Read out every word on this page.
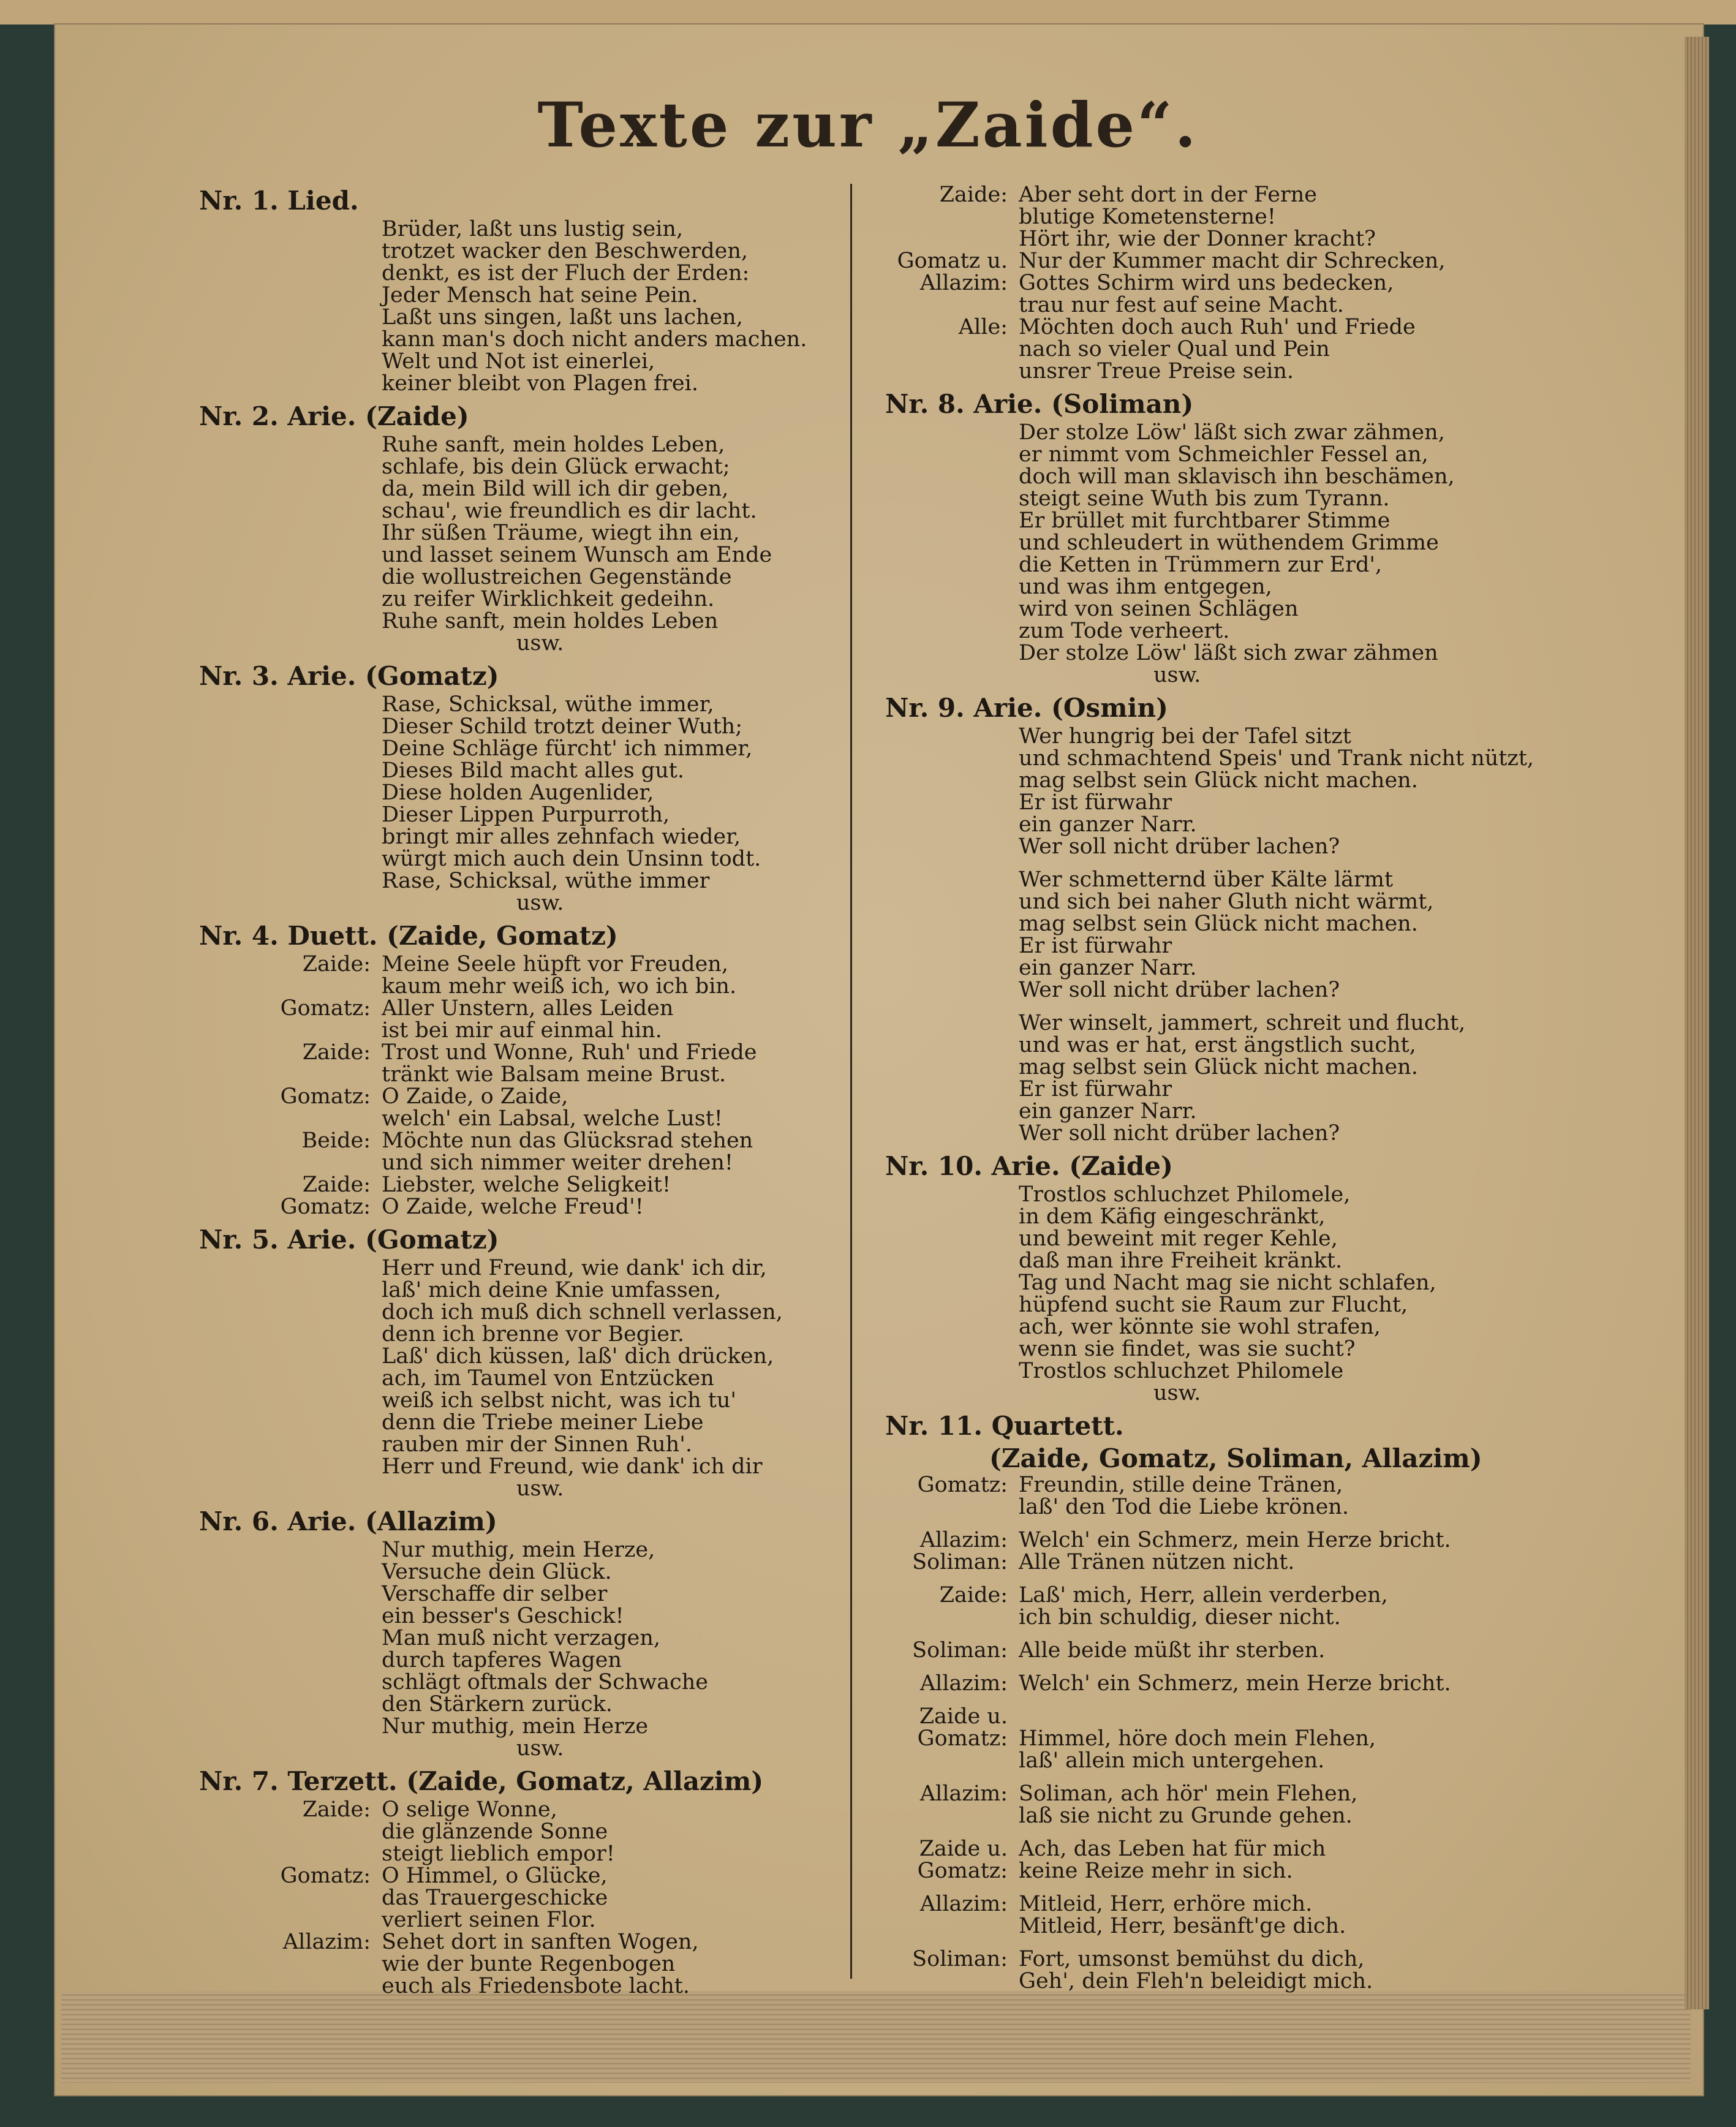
Texte zur „Zaide“.
Nr. 1. Lied.
Brüder, laßt uns lustig sein,
trotzet wacker den Beschwerden,
denkt, es ist der Fluch der Erden:
Jeder Mensch hat seine Pein.
Laßt uns singen, laßt uns lachen,
kann man's doch nicht anders machen.
Welt und Not ist einerlei,
keiner bleibt von Plagen frei.
Nr. 2. Arie. (Zaide)
Ruhe sanft, mein holdes Leben,
schlafe, bis dein Glück erwacht;
da, mein Bild will ich dir geben,
schau', wie freundlich es dir lacht.
Ihr süßen Träume, wiegt ihn ein,
und lasset seinem Wunsch am Ende
die wollustreichen Gegenstände
zu reifer Wirklichkeit gedeihn.
Ruhe sanft, mein holdes Leben
usw.
Nr. 3. Arie. (Gomatz)
Rase, Schicksal, wüthe immer,
Dieser Schild trotzt deiner Wuth;
Deine Schläge fürcht' ich nimmer,
Dieses Bild macht alles gut.
Diese holden Augenlider,
Dieser Lippen Purpurroth,
bringt mir alles zehnfach wieder,
würgt mich auch dein Unsinn todt.
Rase, Schicksal, wüthe immer
usw.
Nr. 4. Duett. (Zaide, Gomatz)
Zaide: Meine Seele hüpft vor Freuden,
kaum mehr weiß ich, wo ich bin.
Gomatz: Aller Unstern, alles Leiden
ist bei mir auf einmal hin.
Zaide: Trost und Wonne, Ruh' und Friede
tränkt wie Balsam meine Brust.
Gomatz: O Zaide, o Zaide,
welch' ein Labsal, welche Lust!
Beide: Möchte nun das Glücksrad stehen
und sich nimmer weiter drehen!
Zaide: Liebster, welche Seligkeit!
Gomatz: O Zaide, welche Freud'!
Nr. 5. Arie. (Gomatz)
Herr und Freund, wie dank' ich dir,
laß' mich deine Knie umfassen,
doch ich muß dich schnell verlassen,
denn ich brenne vor Begier.
Laß' dich küssen, laß' dich drücken,
ach, im Taumel von Entzücken
weiß ich selbst nicht, was ich tu'
denn die Triebe meiner Liebe
rauben mir der Sinnen Ruh'.
Herr und Freund, wie dank' ich dir
usw.
Nr. 6. Arie. (Allazim)
Nur muthig, mein Herze,
Versuche dein Glück.
Verschaffe dir selber
ein besser's Geschick!
Man muß nicht verzagen,
durch tapferes Wagen
schlägt oftmals der Schwache
den Stärkern zurück.
Nur muthig, mein Herze
usw.
Nr. 7. Terzett. (Zaide, Gomatz, Allazim)
Zaide: O selige Wonne,
die glänzende Sonne
steigt lieblich empor!
Gomatz: O Himmel, o Glücke,
das Trauergeschicke
verliert seinen Flor.
Allazim: Sehet dort in sanften Wogen,
wie der bunte Regenbogen
euch als Friedensbote lacht.
Zaide: Aber seht dort in der Ferne
blutige Kometensterne!
Hört ihr, wie der Donner kracht?
Gomatz u. Nur der Kummer macht dir Schrecken,
Allazim: Gottes Schirm wird uns bedecken,
trau nur fest auf seine Macht.
Alle: Möchten doch auch Ruh' und Friede
nach so vieler Qual und Pein
unsrer Treue Preise sein.
Nr. 8. Arie. (Soliman)
Der stolze Löw' läßt sich zwar zähmen,
er nimmt vom Schmeichler Fessel an,
doch will man sklavisch ihn beschämen,
steigt seine Wuth bis zum Tyrann.
Er brüllet mit furchtbarer Stimme
und schleudert in wüthendem Grimme
die Ketten in Trümmern zur Erd',
und was ihm entgegen,
wird von seinen Schlägen
zum Tode verheert.
Der stolze Löw' läßt sich zwar zähmen
usw.
Nr. 9. Arie. (Osmin)
Wer hungrig bei der Tafel sitzt
und schmachtend Speis' und Trank nicht nützt,
mag selbst sein Glück nicht machen.
Er ist fürwahr
ein ganzer Narr.
Wer soll nicht drüber lachen?
Wer schmetternd über Kälte lärmt
und sich bei naher Gluth nicht wärmt,
mag selbst sein Glück nicht machen.
Er ist fürwahr
ein ganzer Narr.
Wer soll nicht drüber lachen?
Wer winselt, jammert, schreit und flucht,
und was er hat, erst ängstlich sucht,
mag selbst sein Glück nicht machen.
Er ist fürwahr
ein ganzer Narr.
Wer soll nicht drüber lachen?
Nr. 10. Arie. (Zaide)
Trostlos schluchzet Philomele,
in dem Käfig eingeschränkt,
und beweint mit reger Kehle,
daß man ihre Freiheit kränkt.
Tag und Nacht mag sie nicht schlafen,
hüpfend sucht sie Raum zur Flucht,
ach, wer könnte sie wohl strafen,
wenn sie findet, was sie sucht?
Trostlos schluchzet Philomele
usw.
Nr. 11. Quartett.
(Zaide, Gomatz, Soliman, Allazim)
Gomatz: Freundin, stille deine Tränen,
laß' den Tod die Liebe krönen.
Allazim: Welch' ein Schmerz, mein Herze bricht.
Soliman: Alle Tränen nützen nicht.
Zaide: Laß' mich, Herr, allein verderben,
ich bin schuldig, dieser nicht.
Soliman: Alle beide müßt ihr sterben.
Allazim: Welch' ein Schmerz, mein Herze bricht.
Zaide u.
Gomatz: Himmel, höre doch mein Flehen,
laß' allein mich untergehen.
Allazim: Soliman, ach hör' mein Flehen,
laß sie nicht zu Grunde gehen.
Zaide u. Ach, das Leben hat für mich
Gomatz: keine Reize mehr in sich.
Allazim: Mitleid, Herr, erhöre mich.
Mitleid, Herr, besänft'ge dich.
Soliman: Fort, umsonst bemühst du dich,
Geh', dein Fleh'n beleidigt mich.
